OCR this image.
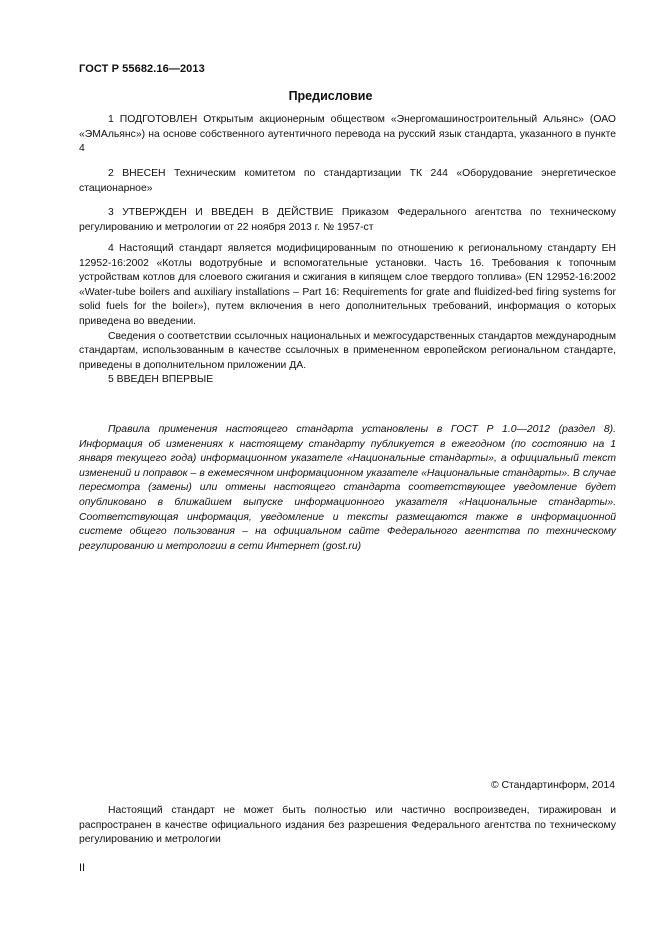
ГОСТ Р 55682.16—2013
Предисловие

1 ПОДГОТОВЛЕН Открытым акционерным обществом «Энергомашиностроительный Альянс» (ОАО «ЭМАльянс») на основе собственного аутентичного перевода на русский язык стандарта, указанного в пункте 4

2 ВНЕСЕН Техническим комитетом по стандартизации ТК 244 «Оборудование энергетическое стационарное»

3 УТВЕРЖДЕН И ВВЕДЕН В ДЕЙСТВИЕ Приказом Федерального агентства по техническому регулированию и метрологии от 22 ноября 2013 г. № 1957-ст

4 Настоящий стандарт является модифицированным по отношению к региональному стандарту ЕН 12952-16:2002 «Котлы водотрубные и вспомогательные установки. Часть 16. Требования к топочным устройствам котлов для слоевого сжигания и сжигания в кипящем слое твердого топлива» (EN 12952-16:2002 «Water-tube boilers and auxiliary installations – Part 16: Requirements for grate and fluidized-bed firing systems for solid fuels for the boiler»), путем включения в него дополнительных требований, информация о которых приведена во введении.

Сведения о соответствии ссылочных национальных и межгосударственных стандартов международным стандартам, использованным в качестве ссылочных в примененном европейском региональном стандарте, приведены в дополнительном приложении ДА.

5 ВВЕДЕН ВПЕРВЫЕ

Правила применения настоящего стандарта установлены в ГОСТ Р 1.0—2012 (раздел 8). Информация об изменениях к настоящему стандарту публикуется в ежегодном (по состоянию на 1 января текущего года) информационном указателе «Национальные стандарты», а официальный текст изменений и поправок – в ежемесячном информационном указателе «Национальные стандарты». В случае пересмотра (замены) или отмены настоящего стандарта соответствующее уведомление будет опубликовано в ближайшем выпуске информационного указателя «Национальные стандарты». Соответствующая информация, уведомление и тексты размещаются также в информационной системе общего пользования – на официальном сайте Федерального агентства по техническому регулированию и метрологии в сети Интернет (gost.ru)

© Стандартинформ, 2014
Настоящий стандарт не может быть полностью или частично воспроизведен, тиражирован и распространен в качестве официального издания без разрешения Федерального агентства по техническому регулированию и метрологии
II
